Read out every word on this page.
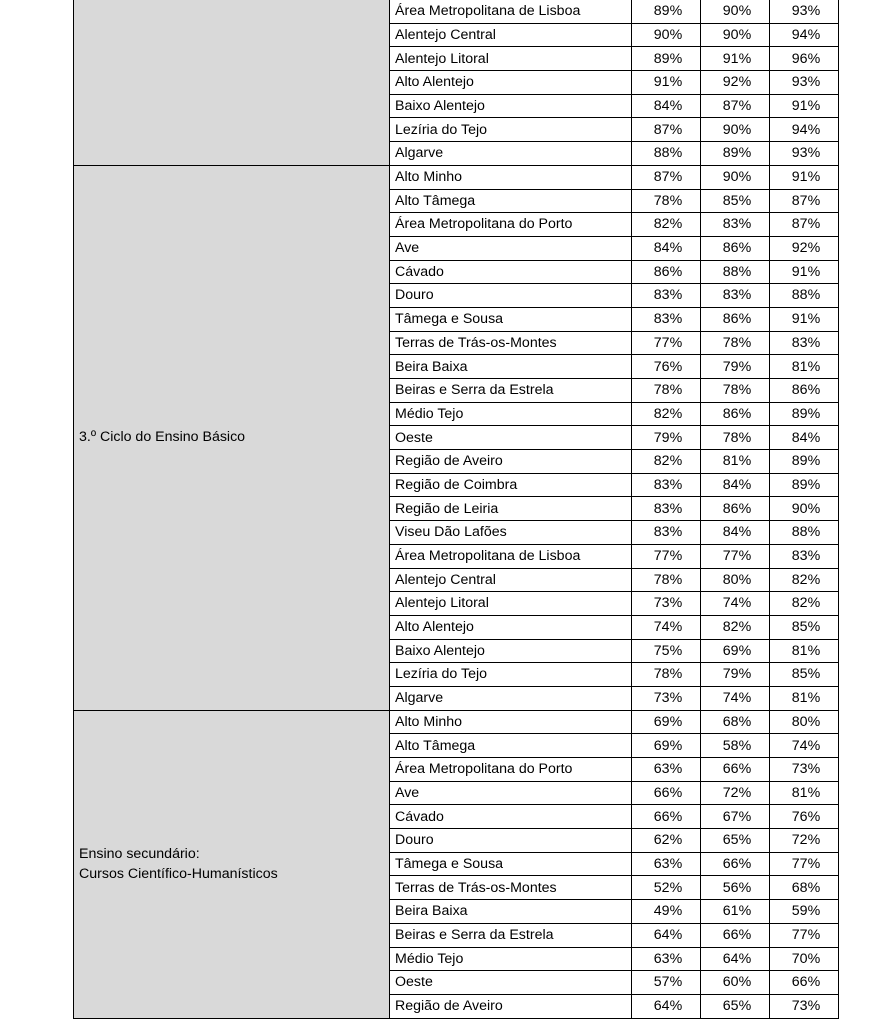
	Área Metropolitana de Lisboa	89%	90%	93%
	Alentejo Central	90%	90%	94%
	Alentejo Litoral	89%	91%	96%
	Alto Alentejo	91%	92%	93%
	Baixo Alentejo	84%	87%	91%
	Lezíria do Tejo	87%	90%	94%
	Algarve	88%	89%	93%
3.º Ciclo do Ensino Básico	Alto Minho	87%	90%	91%
	Alto Tâmega	78%	85%	87%
	Área Metropolitana do Porto	82%	83%	87%
	Ave	84%	86%	92%
	Cávado	86%	88%	91%
	Douro	83%	83%	88%
	Tâmega e Sousa	83%	86%	91%
	Terras de Trás-os-Montes	77%	78%	83%
	Beira Baixa	76%	79%	81%
	Beiras e Serra da Estrela	78%	78%	86%
	Médio Tejo	82%	86%	89%
	Oeste	79%	78%	84%
	Região de Aveiro	82%	81%	89%
	Região de Coimbra	83%	84%	89%
	Região de Leiria	83%	86%	90%
	Viseu Dão Lafões	83%	84%	88%
	Área Metropolitana de Lisboa	77%	77%	83%
	Alentejo Central	78%	80%	82%
	Alentejo Litoral	73%	74%	82%
	Alto Alentejo	74%	82%	85%
	Baixo Alentejo	75%	69%	81%
	Lezíria do Tejo	78%	79%	85%
	Algarve	73%	74%	81%
Ensino secundário:
Cursos Científico-Humanísticos	Alto Minho	69%	68%	80%
	Alto Tâmega	69%	58%	74%
	Área Metropolitana do Porto	63%	66%	73%
	Ave	66%	72%	81%
	Cávado	66%	67%	76%
	Douro	62%	65%	72%
	Tâmega e Sousa	63%	66%	77%
	Terras de Trás-os-Montes	52%	56%	68%
	Beira Baixa	49%	61%	59%
	Beiras e Serra da Estrela	64%	66%	77%
	Médio Tejo	63%	64%	70%
	Oeste	57%	60%	66%
	Região de Aveiro	64%	65%	73%
